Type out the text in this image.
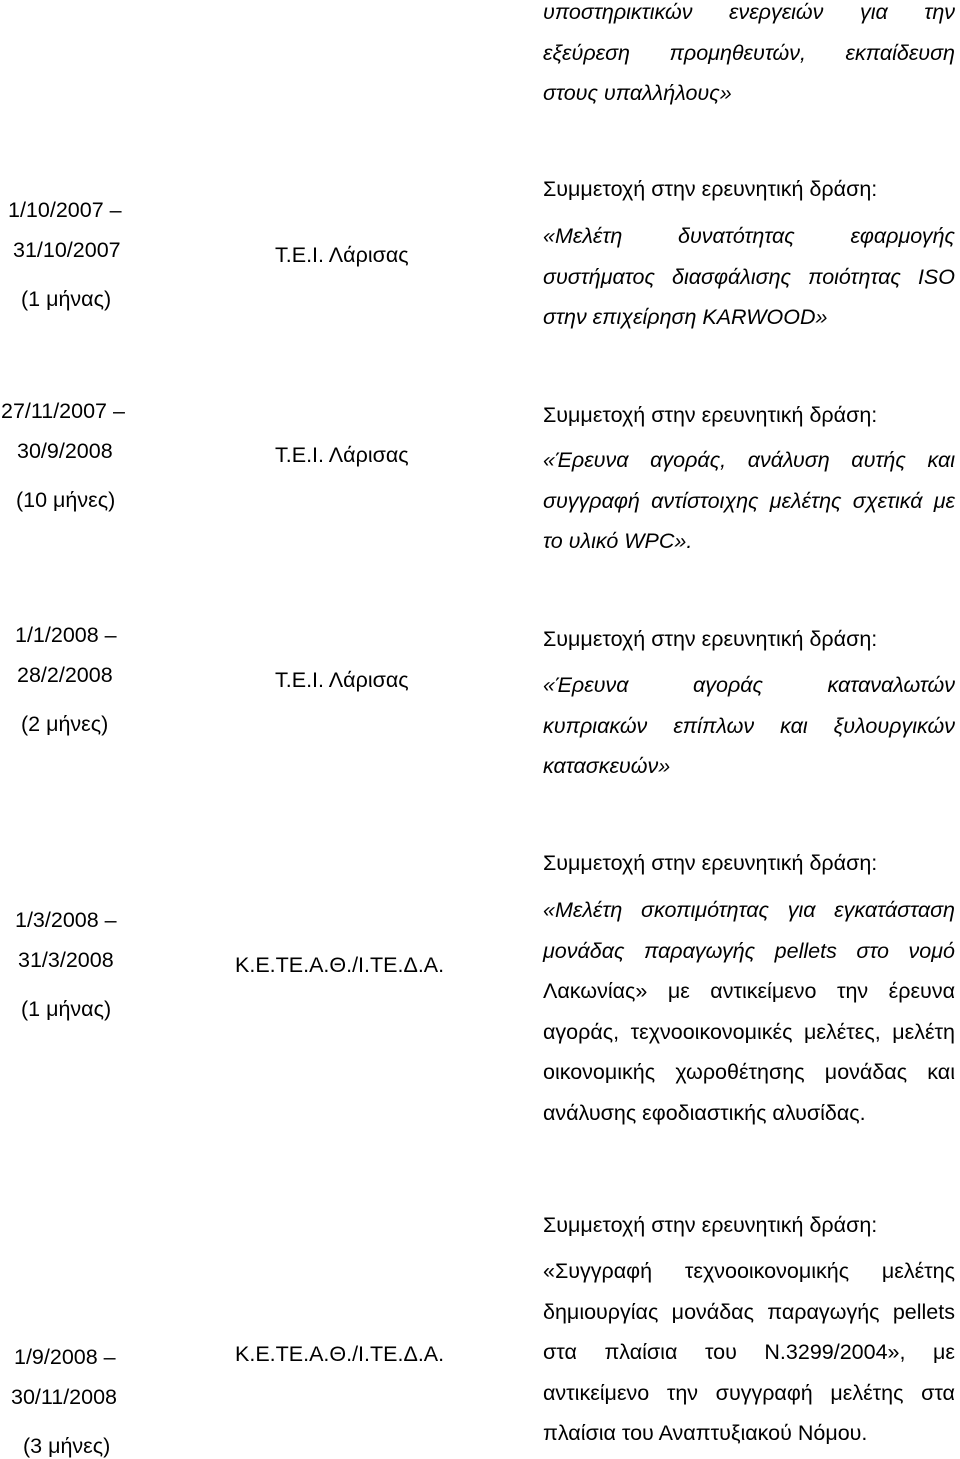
υποστηρικτικών ενεργειών για την
εξεύρεση προμηθευτών, εκπαίδευση
στους υπαλλήλους»
1/10/2007 –
31/10/2007
(1 μήνας)
Τ.Ε.Ι. Λάρισας
Συμμετοχή στην ερευνητική δράση:
«Μελέτη δυνατότητας εφαρμογής
συστήματος διασφάλισης ποιότητας ISO
στην επιχείρηση KARWOOD»
27/11/2007 –
30/9/2008
(10 μήνες)
Τ.Ε.Ι. Λάρισας
Συμμετοχή στην ερευνητική δράση:
«Έρευνα αγοράς, ανάλυση αυτής και
συγγραφή αντίστοιχης μελέτης σχετικά με
το υλικό WPC».
1/1/2008 –
28/2/2008
(2 μήνες)
Τ.Ε.Ι. Λάρισας
Συμμετοχή στην ερευνητική δράση:
«Έρευνα αγοράς καταναλωτών
κυπριακών επίπλων και ξυλουργικών
κατασκευών»
1/3/2008 –
31/3/2008
(1 μήνας)
Κ.Ε.ΤΕ.Α.Θ./Ι.ΤΕ.Δ.Α.
Συμμετοχή στην ερευνητική δράση:
«Μελέτη σκοπιμότητας για εγκατάσταση
μονάδας παραγωγής pellets στο νομό
Λακωνίας» με αντικείμενο την έρευνα
αγοράς, τεχνοοικονομικές μελέτες, μελέτη
οικονομικής χωροθέτησης μονάδας και
ανάλυσης εφοδιαστικής αλυσίδας.
1/9/2008 –
30/11/2008
(3 μήνες)
Κ.Ε.ΤΕ.Α.Θ./Ι.ΤΕ.Δ.Α.
Συμμετοχή στην ερευνητική δράση:
«Συγγραφή τεχνοοικονομικής μελέτης
δημιουργίας μονάδας παραγωγής pellets
στα πλαίσια του Ν.3299/2004», με
αντικείμενο την συγγραφή μελέτης στα
πλαίσια του Αναπτυξιακού Νόμου.
